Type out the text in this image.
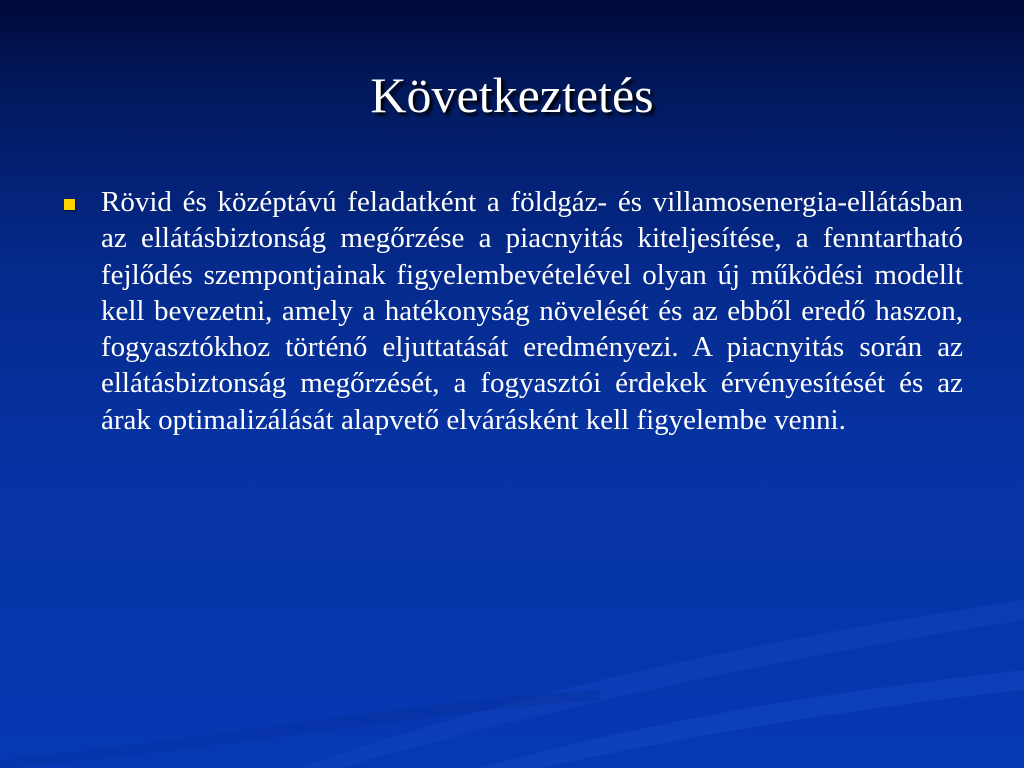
Következtetés

Rövid és középtávú feladatként a földgáz- és villamosenergia-ellátásban az ellátásbiztonság megőrzése a piacnyitás kiteljesítése, a fenntartható fejlődés szempontjainak figyelembevételével olyan új működési modellt kell bevezetni, amely a hatékonyság növelését és az ebből eredő haszon, fogyasztókhoz történő eljuttatását eredményezi. A piacnyitás során az ellátásbiztonság megőrzését, a fogyasztói érdekek érvényesítését és az árak optimalizálását alapvető elvárásként kell figyelembe venni.
